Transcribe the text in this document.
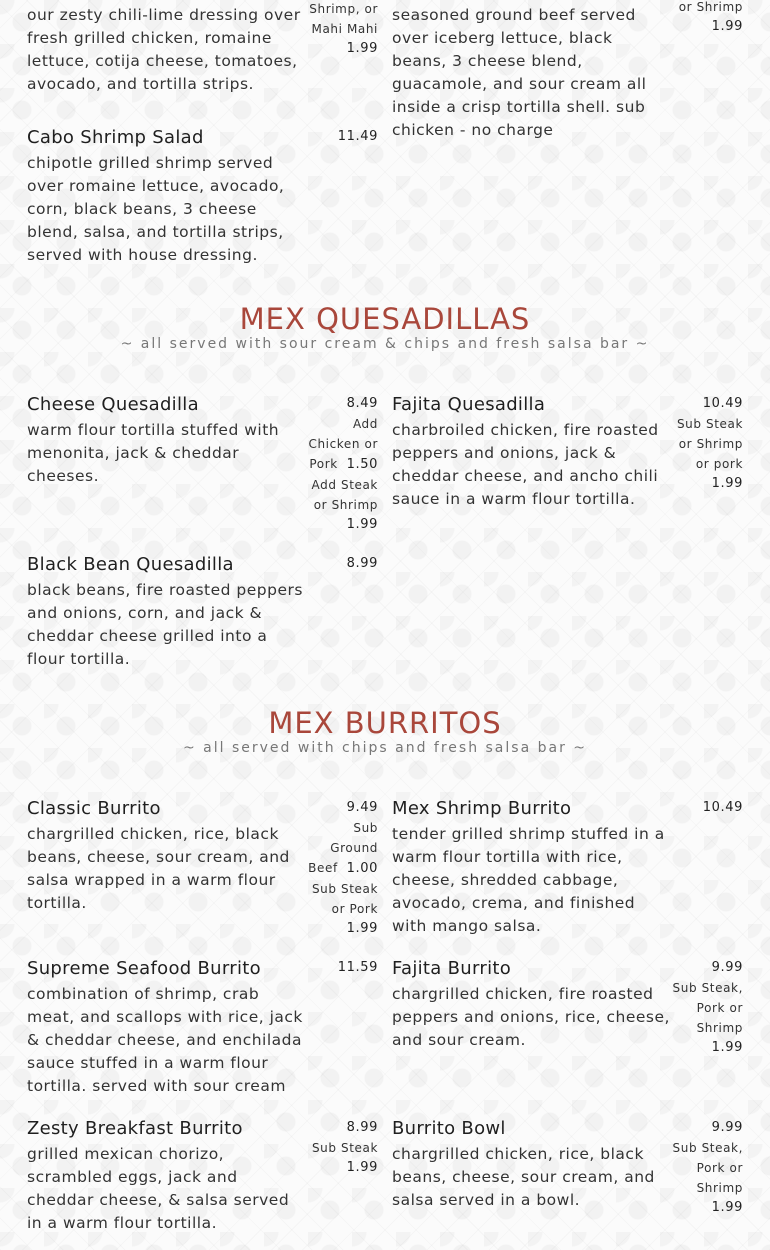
our zesty chili-lime dressing over fresh grilled chicken, romaine lettuce, cotija cheese, tomatoes, avocado, and tortilla strips.

Shrimp, or
Mahi Mahi
1.99

seasoned ground beef served over iceberg lettuce, black beans, 3 cheese blend, guacamole, and sour cream all inside a crisp tortilla shell. sub chicken - no charge

or Shrimp
1.99
Cabo Shrimp Salad	11.49

chipotle grilled shrimp served over romaine lettuce, avocado, corn, black beans, 3 cheese blend, salsa, and tortilla strips, served with house dressing.

MEX QUESADILLAS
~ all served with sour cream & chips and fresh salsa bar ~
Cheese Quesadilla	8.49
Add
Chicken or
Pork 1.50
Add Steak
or Shrimp
1.99

warm flour tortilla stuffed with menonita, jack & cheddar cheeses.

Fajita Quesadilla	10.49
Sub Steak
or Shrimp
or pork
1.99

charbroiled chicken, fire roasted peppers and onions, jack & cheddar cheese, and ancho chili sauce in a warm flour tortilla.

Black Bean Quesadilla	8.99

black beans, fire roasted peppers and onions, corn, and jack & cheddar cheese grilled into a flour tortilla.

MEX BURRITOS
~ all served with chips and fresh salsa bar ~
Classic Burrito	9.49
Sub
Ground
Beef 1.00
Sub Steak
or Pork
1.99

chargrilled chicken, rice, black beans, cheese, sour cream, and salsa wrapped in a warm flour tortilla.

Mex Shrimp Burrito	10.49

tender grilled shrimp stuffed in a warm flour tortilla with rice, cheese, shredded cabbage, avocado, crema, and finished with mango salsa.

Supreme Seafood Burrito	11.59

combination of shrimp, crab meat, and scallops with rice, jack & cheddar cheese, and enchilada sauce stuffed in a warm flour tortilla. served with sour cream

Fajita Burrito	9.99
Sub Steak,
Pork or
Shrimp
1.99

chargrilled chicken, fire roasted peppers and onions, rice, cheese, and sour cream.

Zesty Breakfast Burrito	8.99
Sub Steak
1.99

grilled mexican chorizo, scrambled eggs, jack and cheddar cheese, & salsa served in a warm flour tortilla.

Burrito Bowl	9.99
Sub Steak,
Pork or
Shrimp
1.99

chargrilled chicken, rice, black beans, cheese, sour cream, and salsa served in a bowl.
